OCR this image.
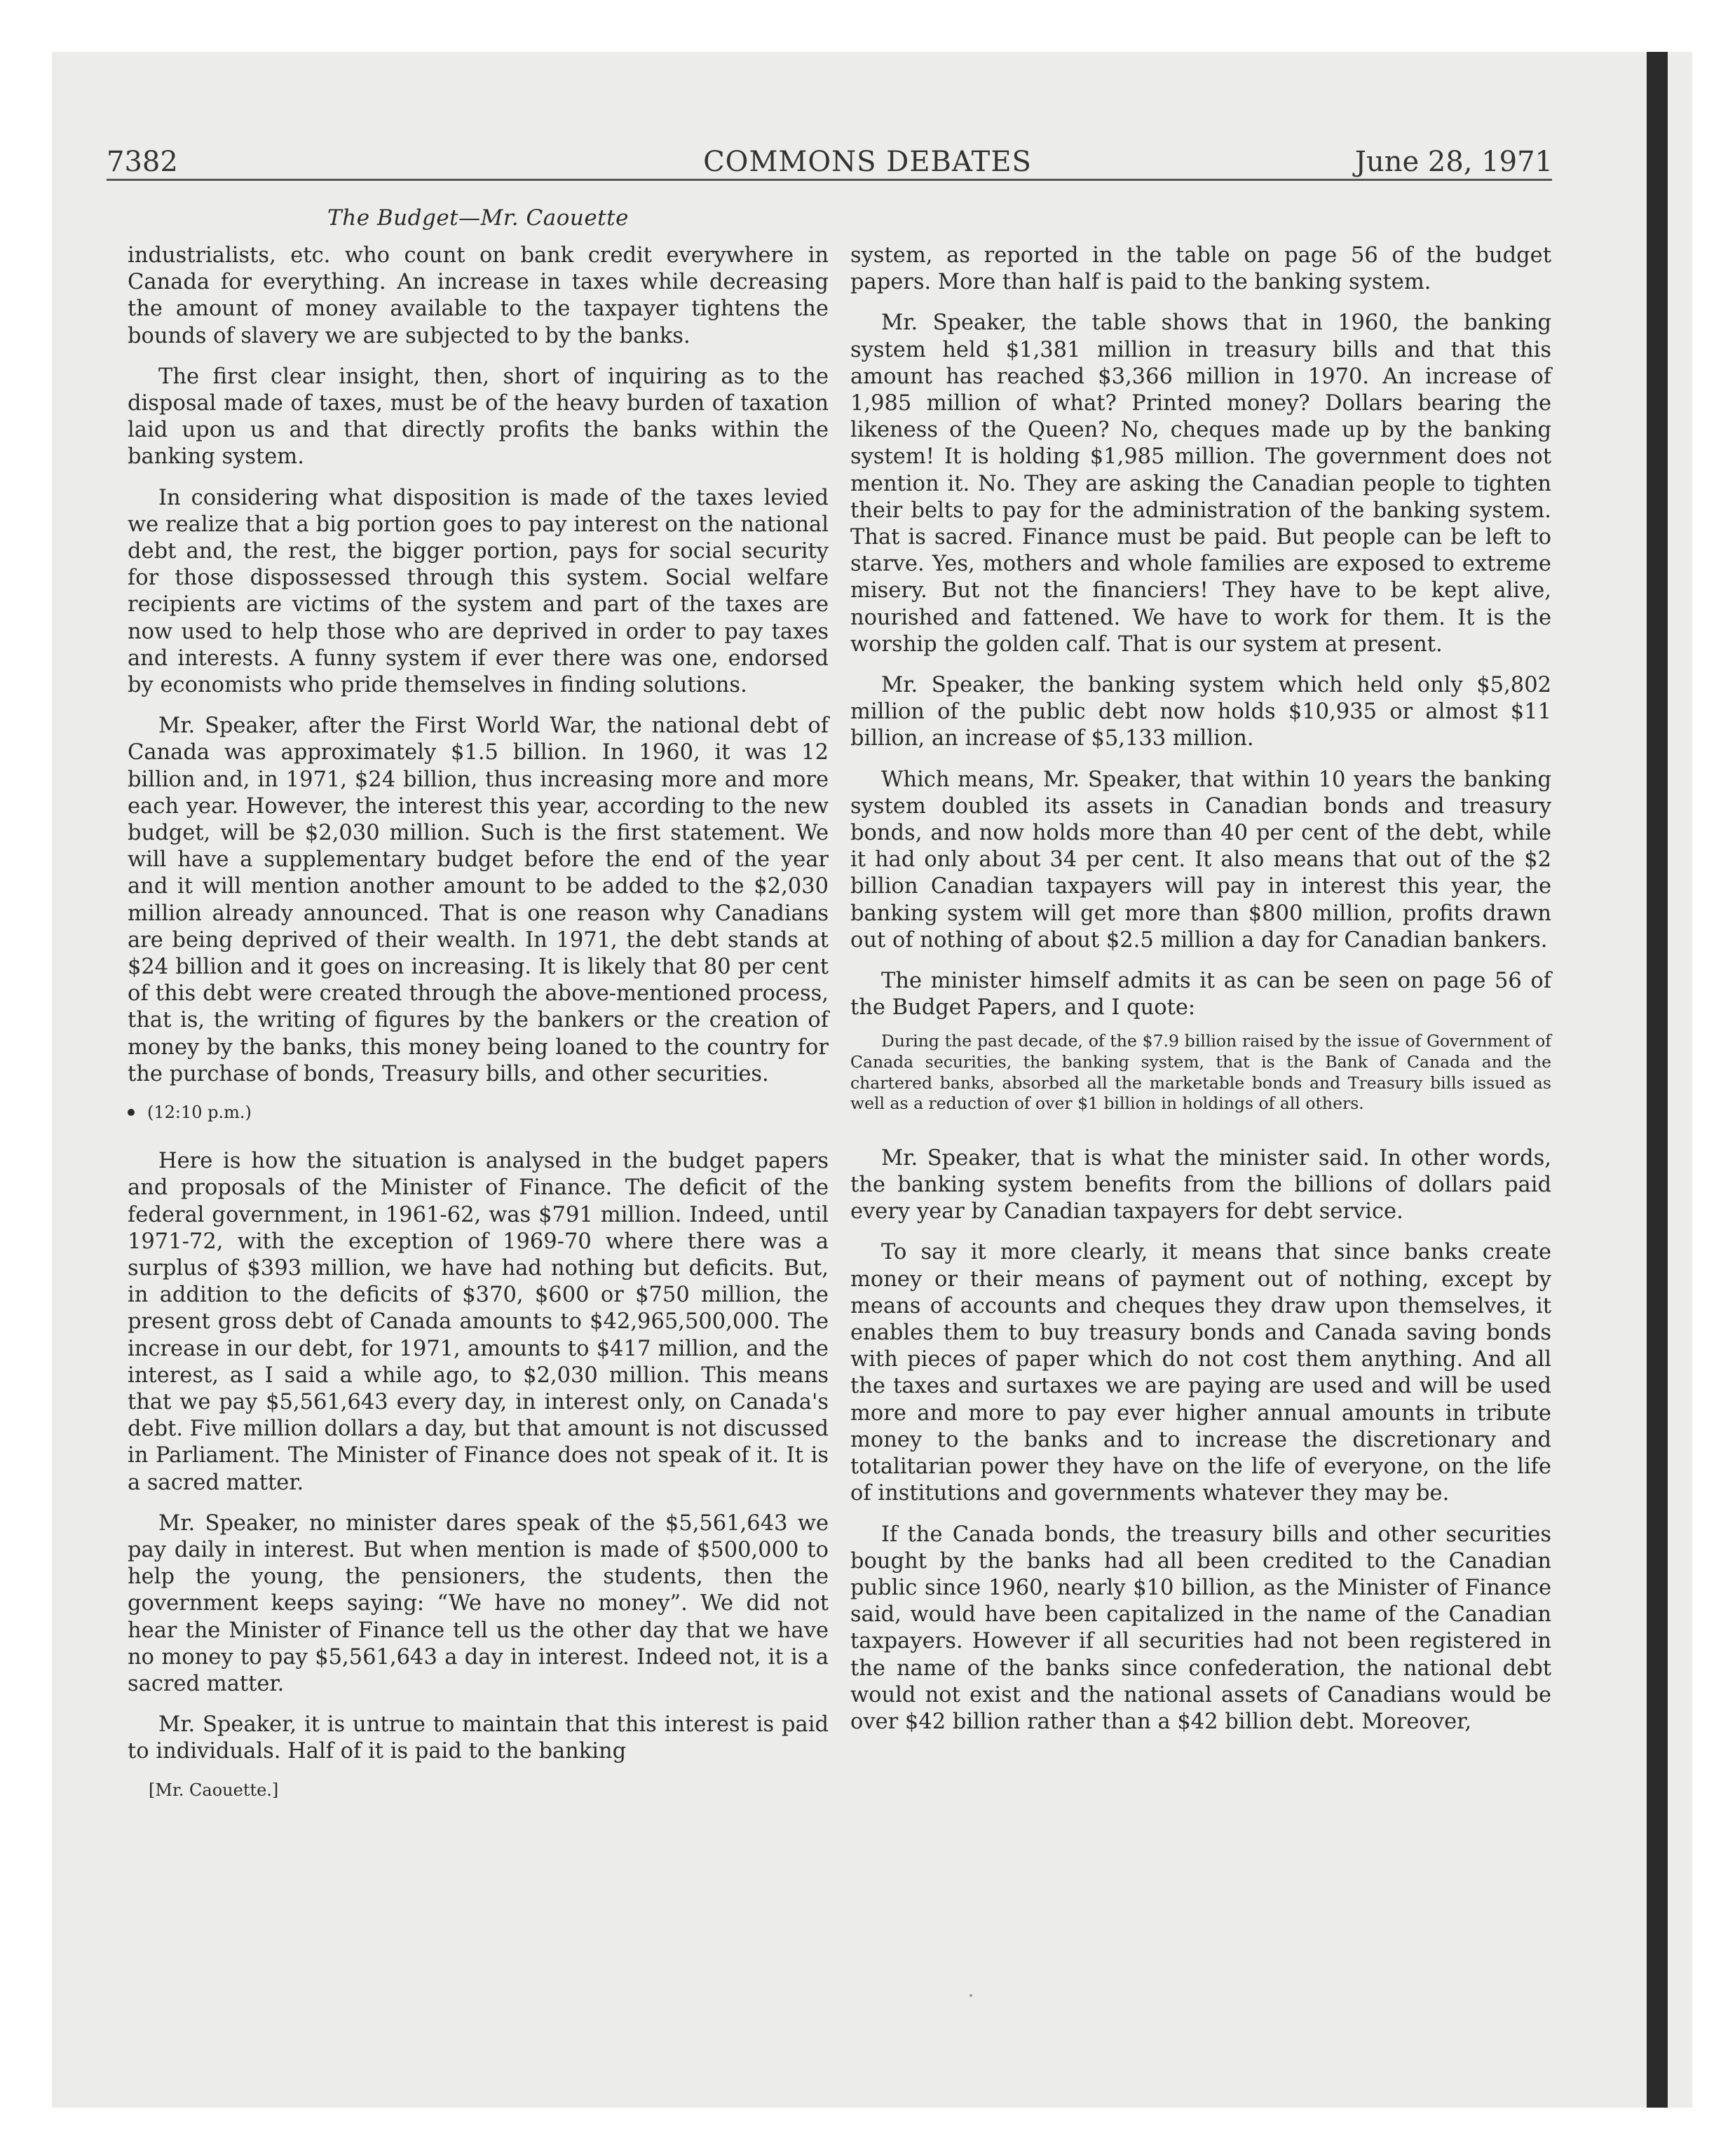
7382	COMMONS DEBATES	June 28, 1971
The Budget—Mr. Caouette

industrialists, etc. who count on bank credit everywhere in Canada for everything. An increase in taxes while decreasing the amount of money available to the taxpayer tightens the bounds of slavery we are subjected to by the banks.

The first clear insight, then, short of inquiring as to the disposal made of taxes, must be of the heavy burden of taxation laid upon us and that directly profits the banks within the banking system.

In considering what disposition is made of the taxes levied we realize that a big portion goes to pay interest on the national debt and, the rest, the bigger portion, pays for social security for those dispossessed through this system. Social welfare recipients are victims of the system and part of the taxes are now used to help those who are deprived in order to pay taxes and interests. A funny system if ever there was one, endorsed by economists who pride themselves in finding solutions.

Mr. Speaker, after the First World War, the national debt of Canada was approximately $1.5 billion. In 1960, it was 12 billion and, in 1971, $24 billion, thus increasing more and more each year. However, the interest this year, according to the new budget, will be $2,030 million. Such is the first statement. We will have a supplementary budget before the end of the year and it will mention another amount to be added to the $2,030 million already announced. That is one reason why Canadians are being deprived of their wealth. In 1971, the debt stands at $24 billion and it goes on increasing. It is likely that 80 per cent of this debt were created through the above-mentioned process, that is, the writing of figures by the bankers or the creation of money by the banks, this money being loaned to the country for the purchase of bonds, Treasury bills, and other securities.

(12:10 p.m.)

Here is how the situation is analysed in the budget papers and proposals of the Minister of Finance. The deficit of the federal government, in 1961-62, was $791 million. Indeed, until 1971-72, with the exception of 1969-70 where there was a surplus of $393 million, we have had nothing but deficits. But, in addition to the deficits of $370, $600 or $750 million, the present gross debt of Canada amounts to $42,965,500,000. The increase in our debt, for 1971, amounts to $417 million, and the interest, as I said a while ago, to $2,030 million. This means that we pay $5,561,643 every day, in interest only, on Canada's debt. Five million dollars a day, but that amount is not discussed in Parliament. The Minister of Finance does not speak of it. It is a sacred matter.

Mr. Speaker, no minister dares speak of the $5,561,643 we pay daily in interest. But when mention is made of $500,000 to help the young, the pensioners, the students, then the government keeps saying: “We have no money”. We did not hear the Minister of Finance tell us the other day that we have no money to pay $5,561,643 a day in interest. Indeed not, it is a sacred matter.

Mr. Speaker, it is untrue to maintain that this interest is paid to individuals. Half of it is paid to the banking

[Mr. Caouette.]

system, as reported in the table on page 56 of the budget papers. More than half is paid to the banking system.

Mr. Speaker, the table shows that in 1960, the banking system held $1,381 million in treasury bills and that this amount has reached $3,366 million in 1970. An increase of 1,985 million of what? Printed money? Dollars bearing the likeness of the Queen? No, cheques made up by the banking system! It is holding $1,985 million. The government does not mention it. No. They are asking the Canadian people to tighten their belts to pay for the administration of the banking system. That is sacred. Finance must be paid. But people can be left to starve. Yes, mothers and whole families are exposed to extreme misery. But not the financiers! They have to be kept alive, nourished and fattened. We have to work for them. It is the worship the golden calf. That is our system at present.

Mr. Speaker, the banking system which held only $5,802 million of the public debt now holds $10,935 or almost $11 billion, an increase of $5,133 million.

Which means, Mr. Speaker, that within 10 years the banking system doubled its assets in Canadian bonds and treasury bonds, and now holds more than 40 per cent of the debt, while it had only about 34 per cent. It also means that out of the $2 billion Canadian taxpayers will pay in interest this year, the banking system will get more than $800 million, profits drawn out of nothing of about $2.5 million a day for Canadian bankers.

The minister himself admits it as can be seen on page 56 of the Budget Papers, and I quote:

During the past decade, of the $7.9 billion raised by the issue of Government of Canada securities, the banking system, that is the Bank of Canada and the chartered banks, absorbed all the marketable bonds and Treasury bills issued as well as a reduction of over $1 billion in holdings of all others.

Mr. Speaker, that is what the minister said. In other words, the banking system benefits from the billions of dollars paid every year by Canadian taxpayers for debt service.

To say it more clearly, it means that since banks create money or their means of payment out of nothing, except by means of accounts and cheques they draw upon themselves, it enables them to buy treasury bonds and Canada saving bonds with pieces of paper which do not cost them anything. And all the taxes and surtaxes we are paying are used and will be used more and more to pay ever higher annual amounts in tribute money to the banks and to increase the discretionary and totalitarian power they have on the life of everyone, on the life of institutions and governments whatever they may be.

If the Canada bonds, the treasury bills and other securities bought by the banks had all been credited to the Canadian public since 1960, nearly $10 billion, as the Minister of Finance said, would have been capitalized in the name of the Canadian taxpayers. However if all securities had not been registered in the name of the banks since confederation, the national debt would not exist and the national assets of Canadians would be over $42 billion rather than a $42 billion debt. Moreover,
